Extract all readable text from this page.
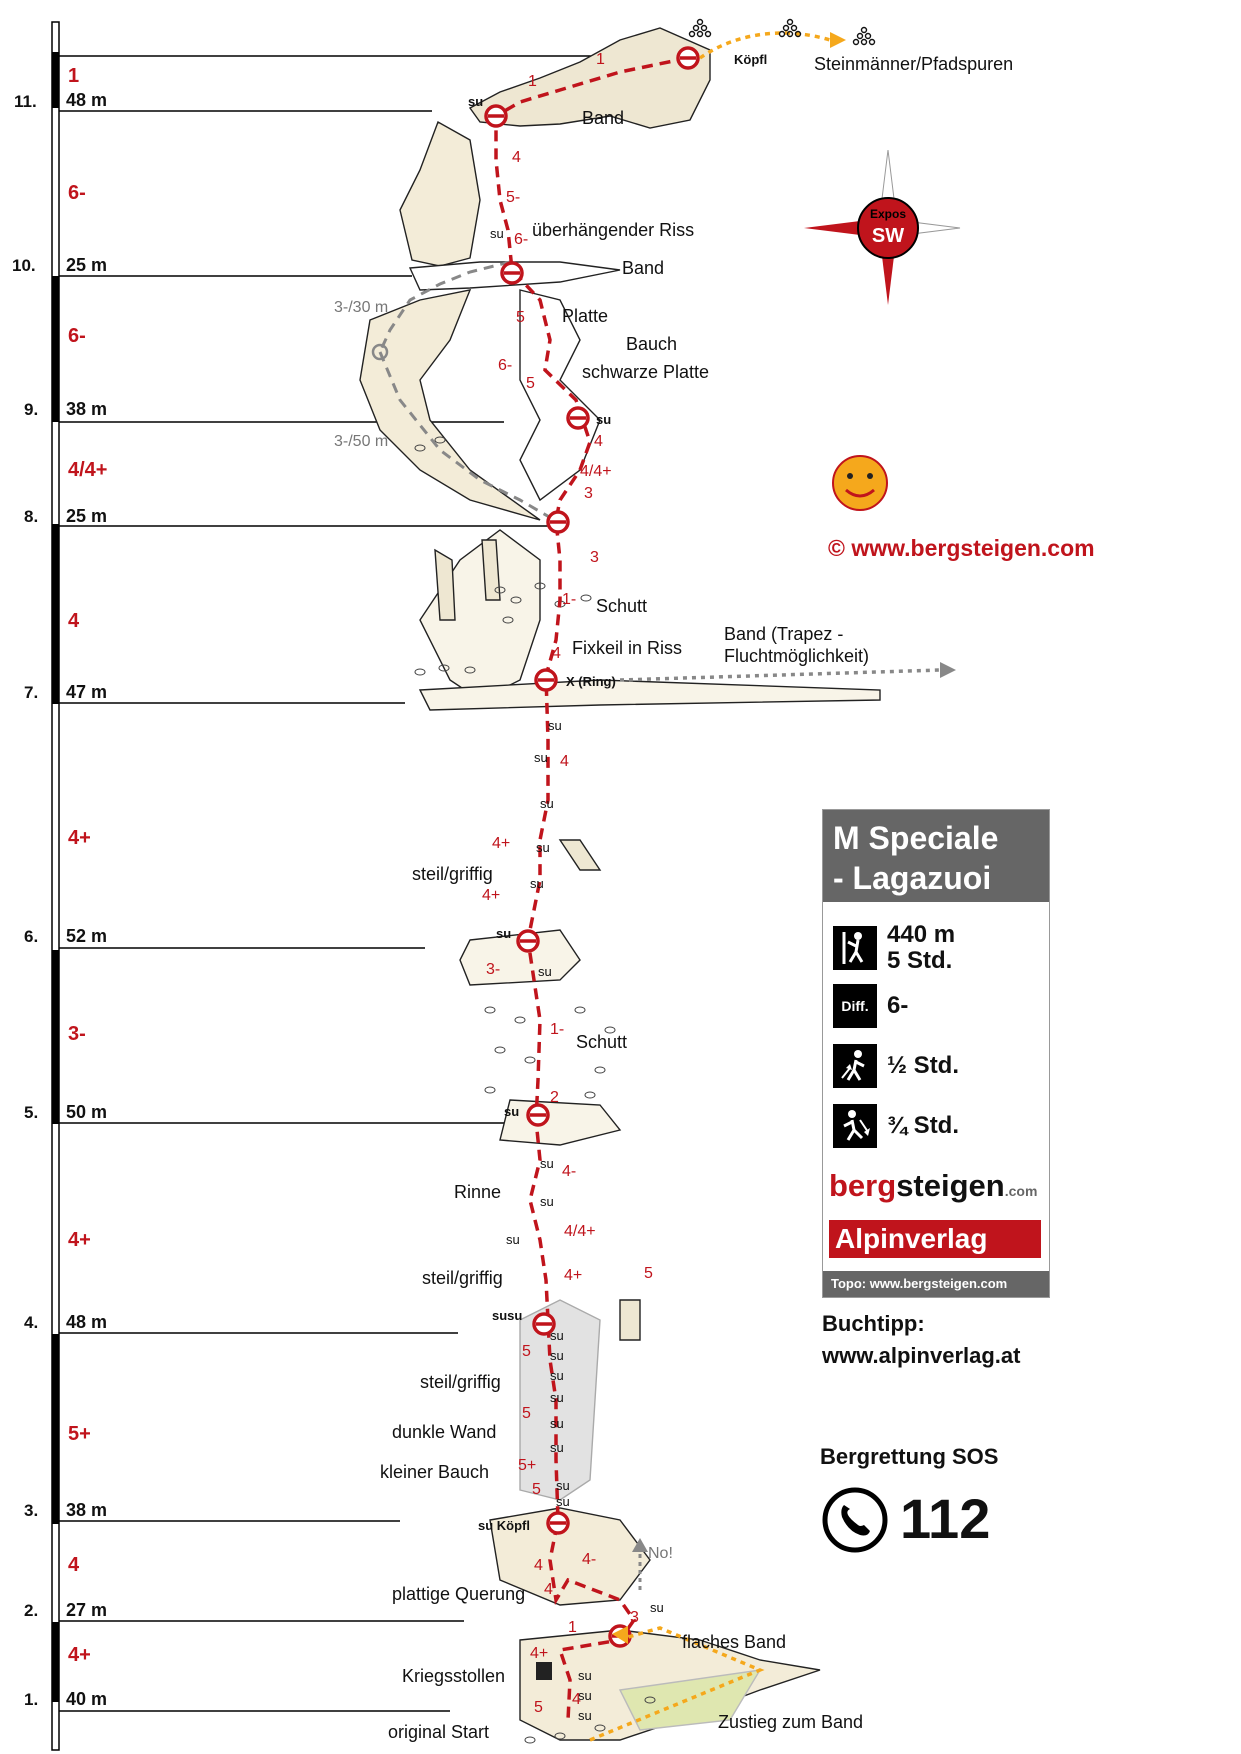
1
11. 48 m
6-
10. 25 m
6-
9. 38 m
4/4+
8. 25 m
4
7. 47 m
4+
6. 52 m
3-
5. 50 m
4+
4. 48 m
5+
3. 38 m
4
2. 27 m
4+
1. 40 m
Expos
SW
Köpfl	Steinmänner/Pfadspuren
Band
überhängender Riss
Band
3-/30 m	Platte
Bauch
schwarze Platte
3-/50 m
Schutt
Fixkeil in Riss
Band (Trapez -
Fluchtmöglichkeit)
X (Ring)
steil/griffig
Schutt
Rinne
steil/griffig
steil/griffig
dunkle Wand
kleiner Bauch
su Köpfl
No!
plattige Querung
flaches Band
Kriegsstollen
original Start	Zustieg zum Band
su
su
su
su
su
su
su
su
su
su
su
su
su
su
susu
su
su
su
su
su
su
su
su
su
su
su
su
1
1
4
5-
6-
5
6-
5
4
4/4+
3
3
1-
4
4
4+
4+
3-
1-
2
4-
4/4+
4+	5
5
5
5+
5
4 4-
4
3
1
4+
4
5
© www.bergsteigen.com
M Speciale
- Lagazuoi
440 m
5 Std.
Diff. 6-
½ Std.
¾ Std.
bergsteigen.com
Alpinverlag
Topo: www.bergsteigen.com
Buchtipp:
www.alpinverlag.at
Bergrettung SOS
112
